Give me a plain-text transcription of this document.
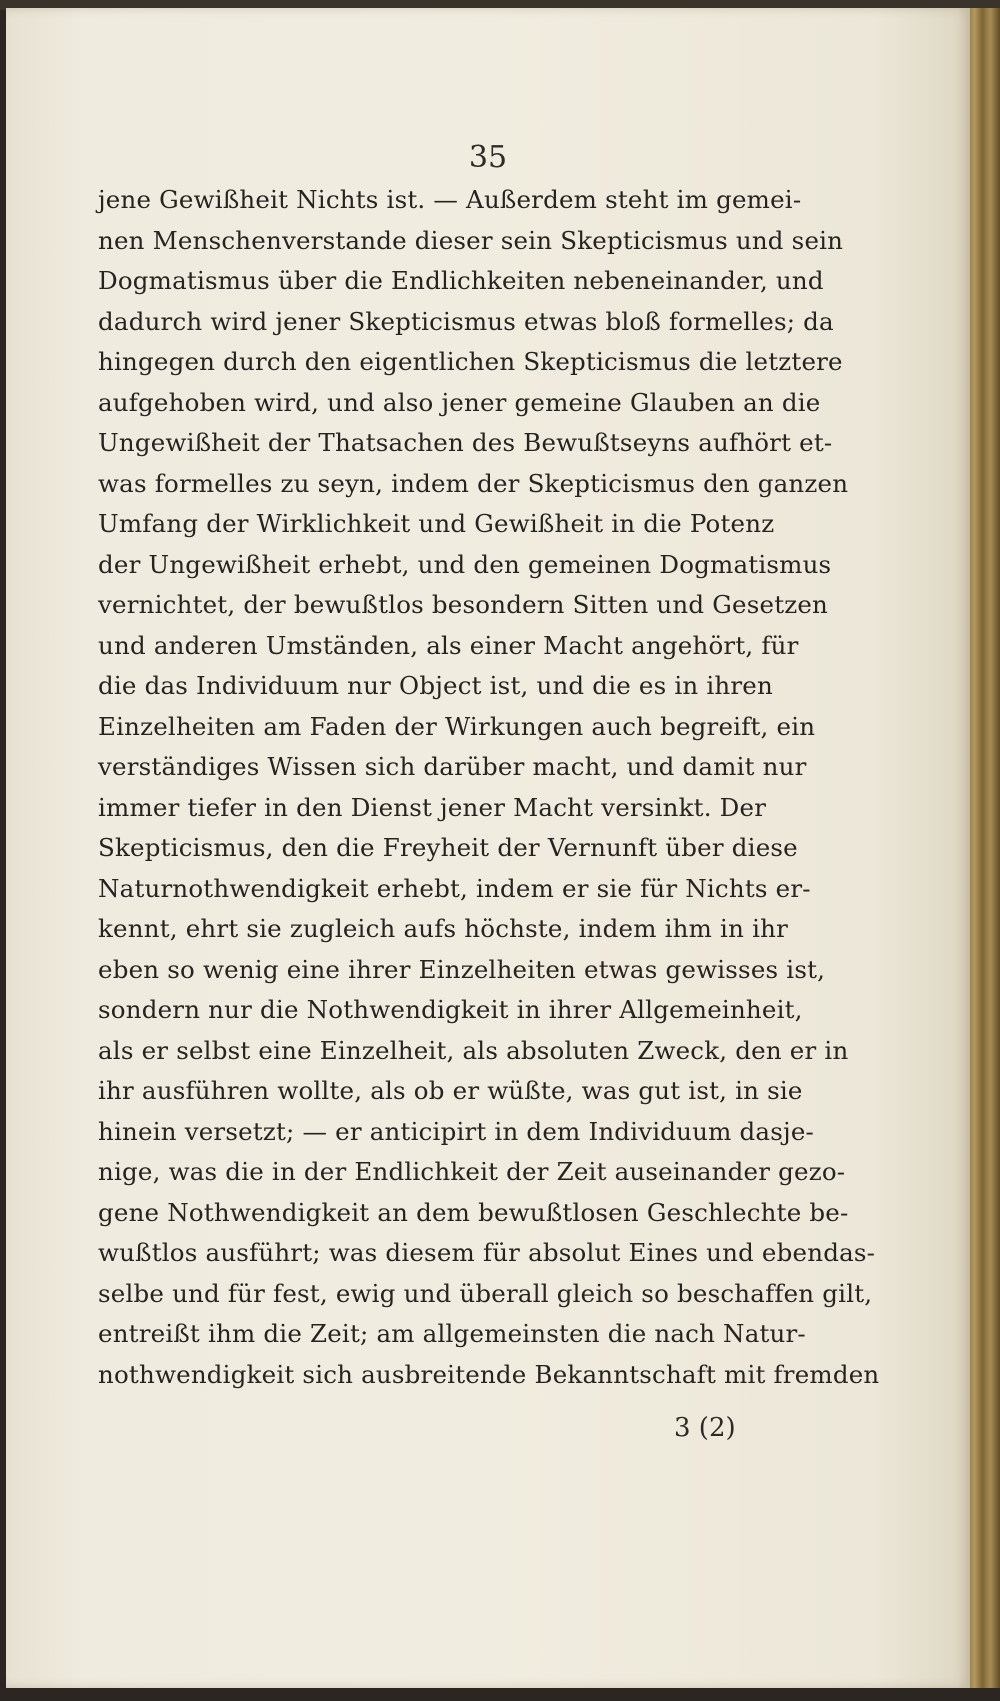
35
jene Gewißheit Nichts ist. — Außerdem steht im gemei-
nen Menschenverstande dieser sein Skepticismus und sein
Dogmatismus über die Endlichkeiten nebeneinander, und
dadurch wird jener Skepticismus etwas bloß formelles; da
hingegen durch den eigentlichen Skepticismus die letztere
aufgehoben wird, und also jener gemeine Glauben an die
Ungewißheit der Thatsachen des Bewußtseyns aufhört et-
was formelles zu seyn, indem der Skepticismus den ganzen
Umfang der Wirklichkeit und Gewißheit in die Potenz
der Ungewißheit erhebt, und den gemeinen Dogmatismus
vernichtet, der bewußtlos besondern Sitten und Gesetzen
und anderen Umständen, als einer Macht angehört, für
die das Individuum nur Object ist, und die es in ihren
Einzelheiten am Faden der Wirkungen auch begreift, ein
verständiges Wissen sich darüber macht, und damit nur
immer tiefer in den Dienst jener Macht versinkt. Der
Skepticismus, den die Freyheit der Vernunft über diese
Naturnothwendigkeit erhebt, indem er sie für Nichts er-
kennt, ehrt sie zugleich aufs höchste, indem ihm in ihr
eben so wenig eine ihrer Einzelheiten etwas gewisses ist,
sondern nur die Nothwendigkeit in ihrer Allgemeinheit,
als er selbst eine Einzelheit, als absoluten Zweck, den er in
ihr ausführen wollte, als ob er wüßte, was gut ist, in sie
hinein versetzt; — er anticipirt in dem Individuum dasje-
nige, was die in der Endlichkeit der Zeit auseinander gezo-
gene Nothwendigkeit an dem bewußtlosen Geschlechte be-
wußtlos ausführt; was diesem für absolut Eines und ebendas-
selbe und für fest, ewig und überall gleich so beschaffen gilt,
entreißt ihm die Zeit; am allgemeinsten die nach Natur-
nothwendigkeit sich ausbreitende Bekanntschaft mit fremden
3 (2)
